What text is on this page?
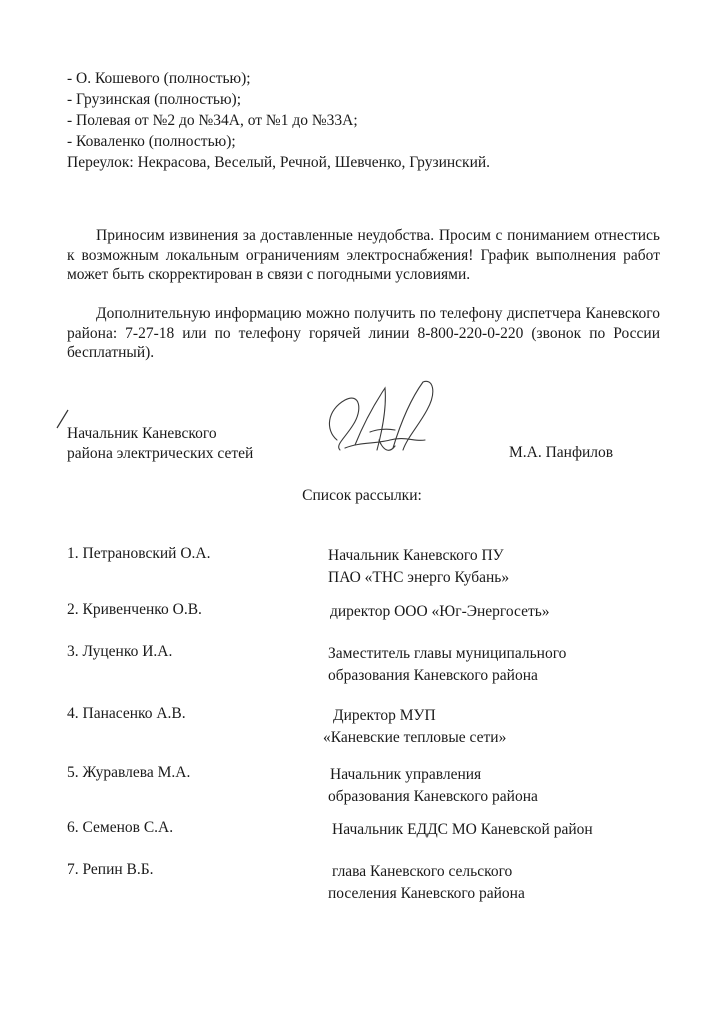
- О. Кошевого (полностью);
- Грузинская (полностью);
- Полевая от №2 до №34А, от №1 до №33А;
- Коваленко (полностью);
Переулок: Некрасова, Веселый, Речной, Шевченко, Грузинский.
Приносим извинения за доставленные неудобства. Просим с пониманием отнестись к возможным локальным ограничениям электроснабжения! График выполнения работ может быть скорректирован в связи с погодными условиями.
Дополнительную информацию можно получить по телефону диспетчера Каневского района: 7-27-18 или по телефону горячей линии 8-800-220-0-220 (звонок по России бесплатный).
Начальник Каневского
района электрических сетей	М.А. Панфилов
Список рассылки:
1. Петрановский О.А.	Начальник Каневского ПУ
ПАО «ТНС энерго Кубань»
2. Кривенченко О.В.	директор ООО «Юг-Энергосеть»
3. Луценко И.А.	Заместитель главы муниципального
образования Каневского района
4. Панасенко А.В.	Директор МУП
«Каневские тепловые сети»
5. Журавлева М.А.	Начальник управления
образования Каневского района
6. Семенов С.А.	Начальник ЕДДС МО Каневской район
7. Репин В.Б.	глава Каневского сельского
поселения Каневского района
